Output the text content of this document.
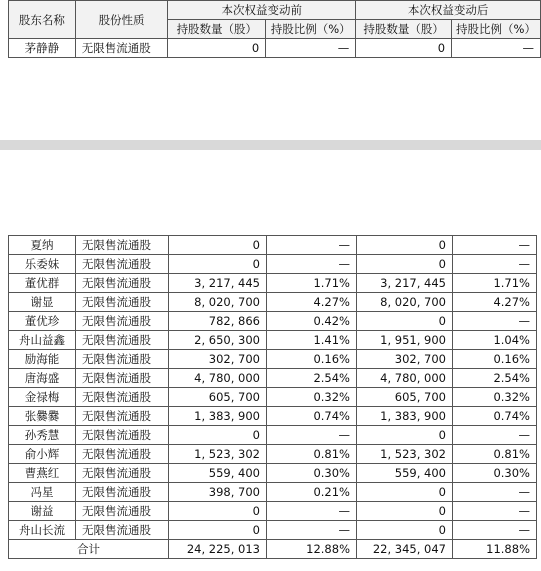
股东名称	股份性质	本次权益变动前		本次权益变动后	
		持股数量（股）	持股比例（%）	持股数量（股）	持股比例（%）
茅静静	无限售流通股	0	—	0	—
夏纳	无限售流通股	0	—	0	—
乐委妹	无限售流通股	0	—	0	—
董优群	无限售流通股	3, 217, 445	1.71%	3, 217, 445	1.71%
谢显	无限售流通股	8, 020, 700	4.27%	8, 020, 700	4.27%
董优珍	无限售流通股	782, 866	0.42%	0	—
舟山益鑫	无限售流通股	2, 650, 300	1.41%	1, 951, 900	1.04%
励海能	无限售流通股	302, 700	0.16%	302, 700	0.16%
唐海盛	无限售流通股	4, 780, 000	2.54%	4, 780, 000	2.54%
金禄梅	无限售流通股	605, 700	0.32%	605, 700	0.32%
张爨爨	无限售流通股	1, 383, 900	0.74%	1, 383, 900	0.74%
孙秀慧	无限售流通股	0	—	0	—
俞小辉	无限售流通股	1, 523, 302	0.81%	1, 523, 302	0.81%
曹燕红	无限售流通股	559, 400	0.30%	559, 400	0.30%
冯星	无限售流通股	398, 700	0.21%	0	—
谢益	无限售流通股	0	—	0	—
舟山长流	无限售流通股	0	—	0	—
合计		24, 225, 013	12.88%	22, 345, 047	11.88%
